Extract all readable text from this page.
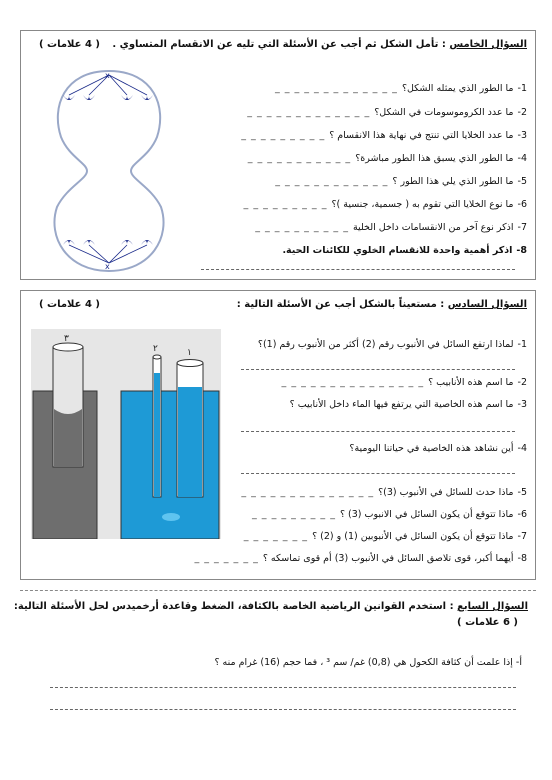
السؤال الخامس : تأمل الشكل ثم أجب عن الأسئلة التي تليه عن الانقسام المتساوي .
( 4 علامات )
x
x
1-
ما الطور الذي يمثله الشكل؟
_ _ _ _ _ _ _ _ _ _ _ _ _
2-
ما عدد الكروموسومات في الشكل؟
_ _ _ _ _ _ _ _ _ _ _ _ _
3-
ما عدد الخلايا التي تنتج في نهاية هذا الانقسام ؟
_ _ _ _ _ _ _ _ _
4-
ما الطور الذي يسبق هذا الطور مباشرة؟
_ _ _ _ _ _ _ _ _ _ _
5-
ما الطور الذي يلي هذا الطور ؟
_ _ _ _ _ _ _ _ _ _ _ _
6-
ما نوع الخلايا التي تقوم به ( جسمية، جنسية )؟
_ _ _ _ _ _ _ _ _
7-
اذكر نوع آخر من الانقسامات داخل الخلية
_ _ _ _ _ _ _ _ _ _
8-
اذكر أهمية واحدة للانقسام الخلوي للكائنات الحية.
السؤال السادس : مستعيناً بالشكل أجب عن الأسئلة التالية :
( 4 علامات )
٣
٢	١
1-
لماذا ارتفع السائل في الأنبوب رقم (2) أكثر من الأنبوب رقم (1)؟
2-
ما اسم هذه الأنابيب ؟
_ _ _ _ _ _ _ _ _ _ _ _ _ _ _
3-
ما اسم هذه الخاصية التي يرتفع فيها الماء داخل الأنابيب ؟
4-
أين نشاهد هذه الخاصية في حياتنا اليومية؟
5-
ماذا حدث للسائل في الأنبوب (3)؟
_ _ _ _ _ _ _ _ _ _ _ _ _ _
6-
ماذا تتوقع أن يكون السائل في الانبوب (3) ؟
_ _ _ _ _ _ _ _ _
7-
ماذا تتوقع أن يكون السائل في الأنبوبين (1) و (2) ؟
_ _ _ _ _ _ _
8-
أيهما أكبر، قوى تلاصق السائل في الأنبوب (3) أم قوى تماسكه ؟
_ _ _ _ _ _ _
السؤال السابع : استخدم القوانين الرياضية الخاصة بالكثافة، الضغط وقاعدة أرخميدس لحل الأسئلة التالية:
( 6 علامات )
أ- إذا علمت أن كثافة الكحول هي (0,8) غم/ سم ³ ، فما حجم (16) غرام منه ؟
